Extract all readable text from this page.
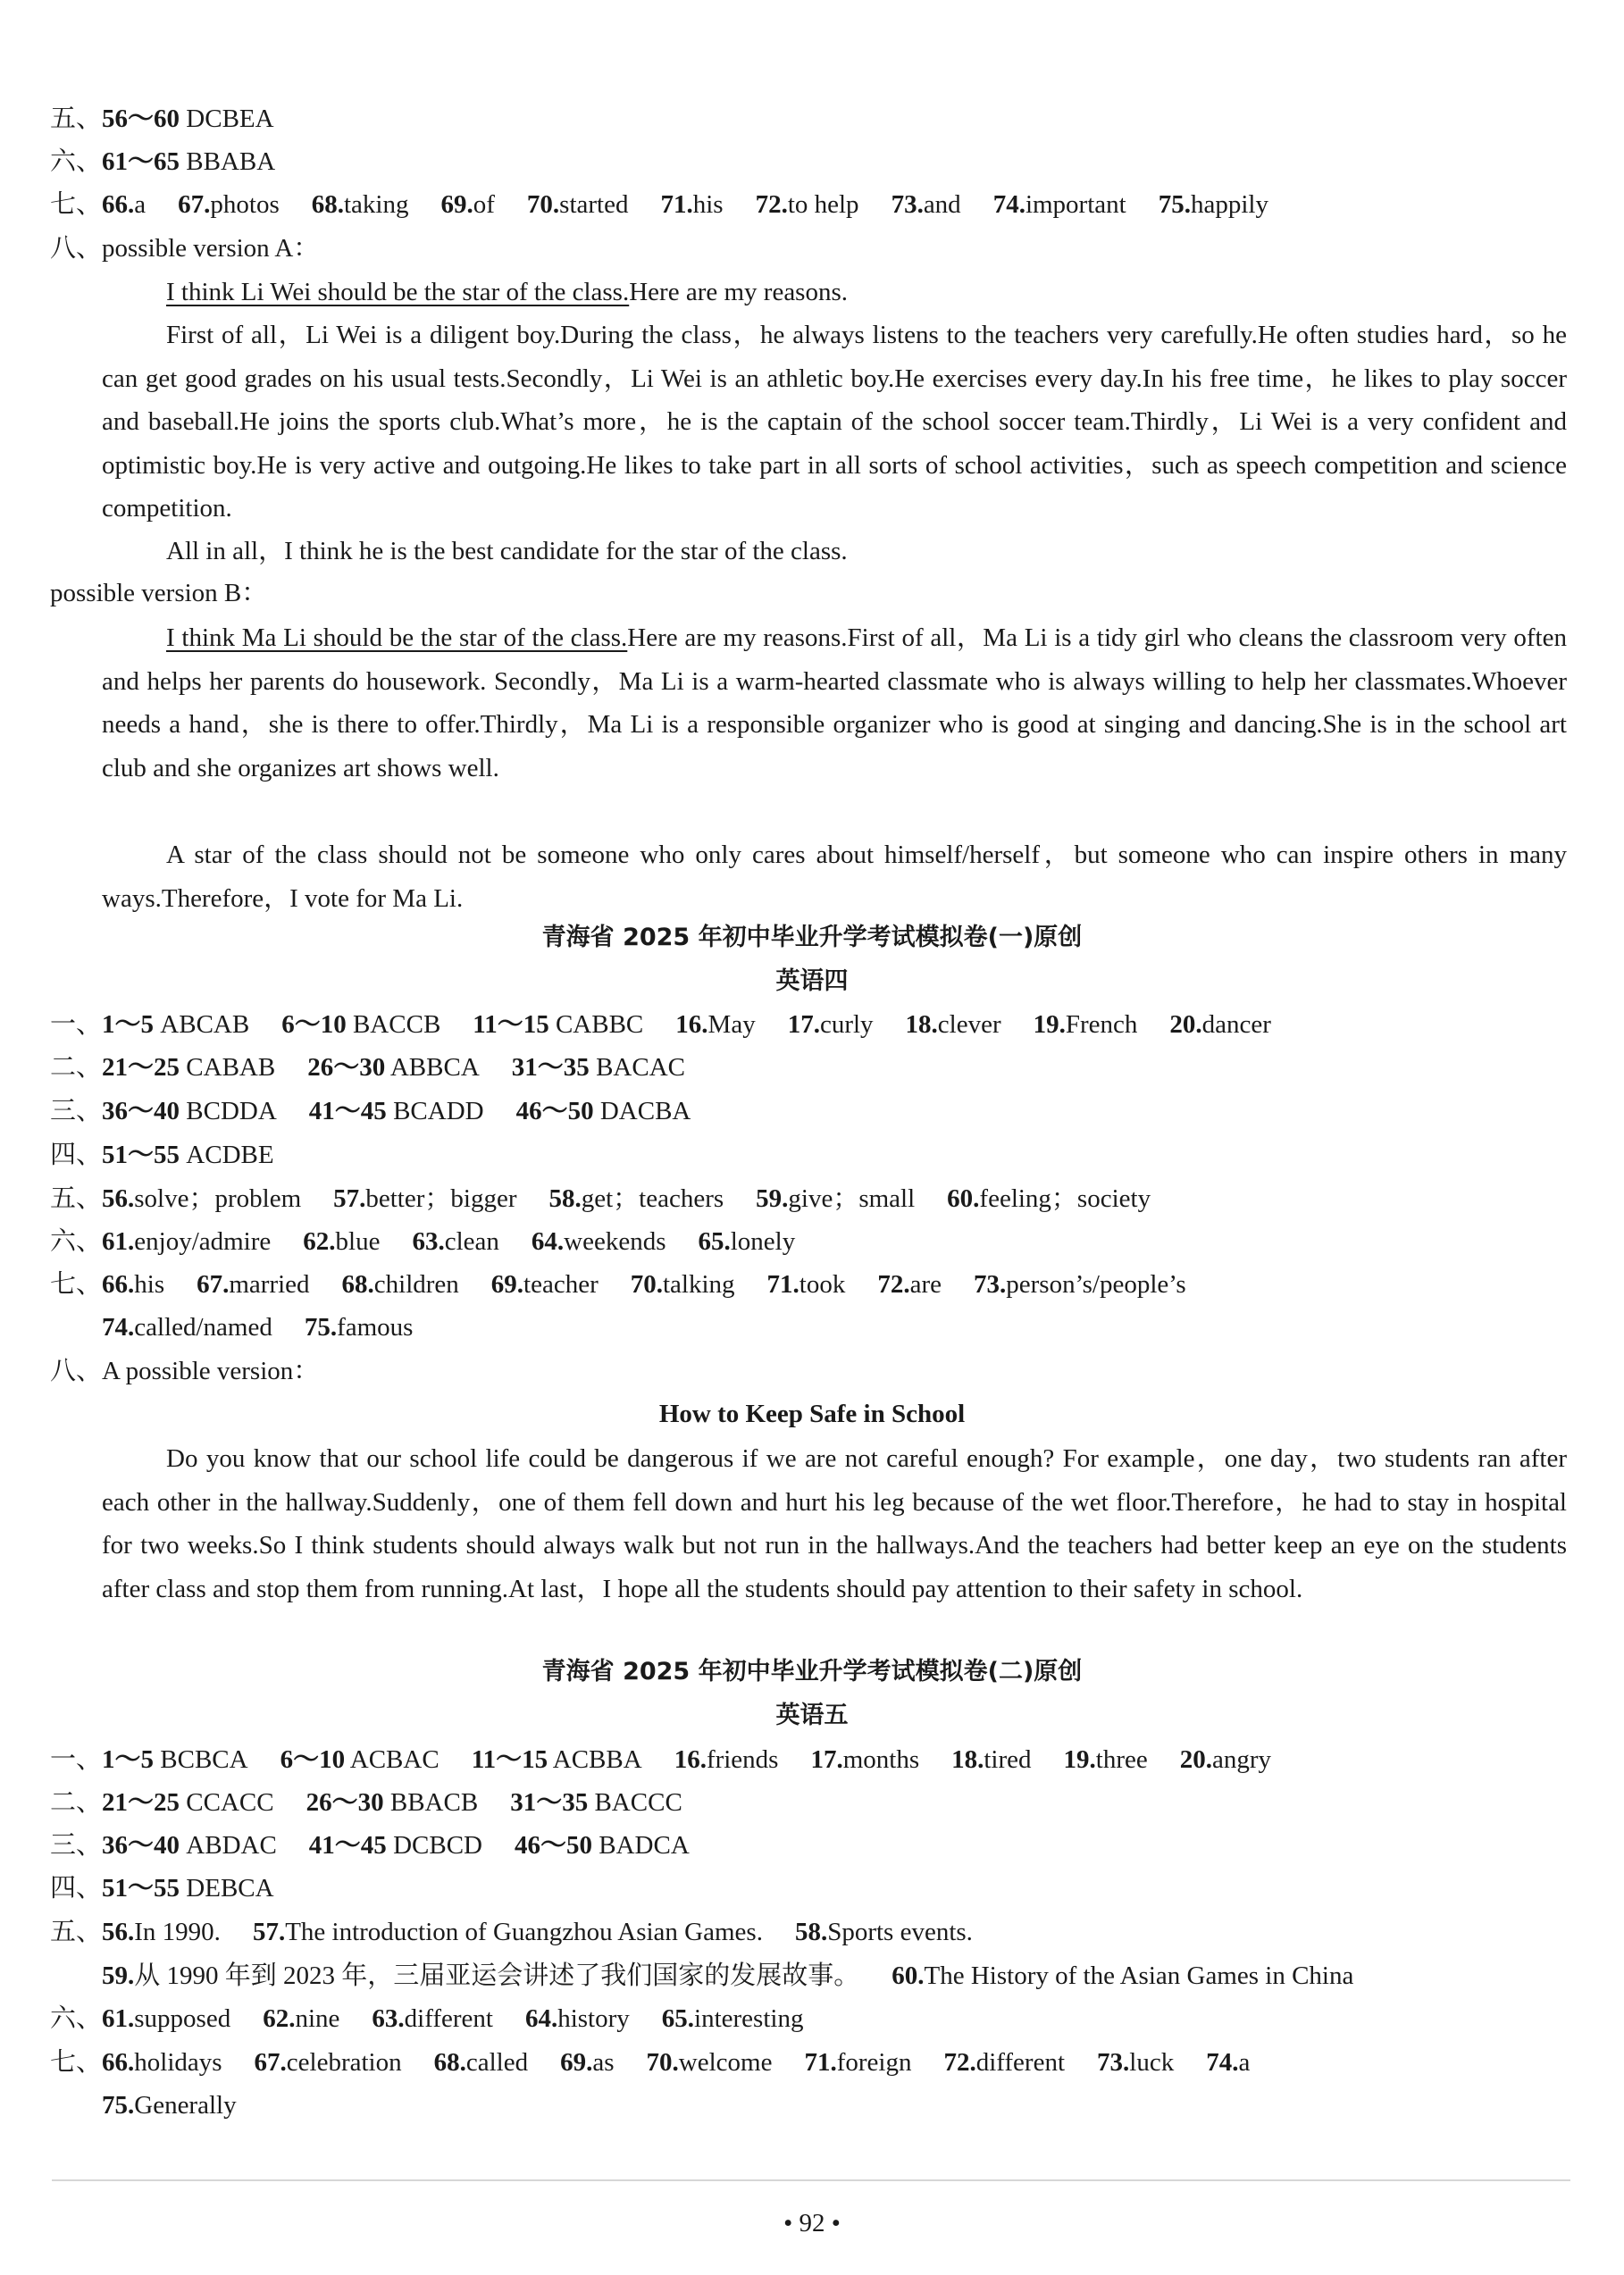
五、56～60 DCBEA
六、61～65 BBABA
七、66.a 67.photos 68.taking 69.of 70.started 71.his 72.to help 73.and 74.important 75.happily
八、possible version A：
I think Li Wei should be the star of the class.Here are my reasons.
First of all，Li Wei is a diligent boy.During the class，he always listens to the teachers very carefully.He often studies hard，so he can get good grades on his usual tests.Secondly，Li Wei is an athletic boy.He exercises every day.In his free time，he likes to play soccer and baseball.He joins the sports club.What’s more，he is the captain of the school soccer team.Thirdly，Li Wei is a very confident and optimistic boy.He is very active and outgoing.He likes to take part in all sorts of school activities，such as speech competition and science competition.
All in all，I think he is the best candidate for the star of the class.
possible version B：
I think Ma Li should be the star of the class.Here are my reasons.First of all，Ma Li is a tidy girl who cleans the classroom very often and helps her parents do housework. Secondly，Ma Li is a warm-hearted classmate who is always willing to help her classmates.Whoever needs a hand，she is there to offer.Thirdly，Ma Li is a responsible organizer who is good at singing and dancing.She is in the school art club and she organizes art shows well.
A star of the class should not be someone who only cares about himself/herself，but someone who can inspire others in many ways.Therefore，I vote for Ma Li.
青海省 2025 年初中毕业升学考试模拟卷(一)原创
英语四
一、1～5 ABCAB 6～10 BACCB 11～15 CABBC 16.May 17.curly 18.clever 19.French 20.dancer
二、21～25 CABAB 26～30 ABBCA 31～35 BACAC
三、36～40 BCDDA 41～45 BCADD 46～50 DACBA
四、51～55 ACDBE
五、56.solve；problem 57.better；bigger 58.get；teachers 59.give；small 60.feeling；society
六、61.enjoy/admire 62.blue 63.clean 64.weekends 65.lonely
七、66.his 67.married 68.children 69.teacher 70.talking 71.took 72.are 73.person’s/people’s
74.called/named 75.famous
八、A possible version：
How to Keep Safe in School
Do you know that our school life could be dangerous if we are not careful enough? For example，one day，two students ran after each other in the hallway.Suddenly，one of them fell down and hurt his leg because of the wet floor.Therefore，he had to stay in hospital for two weeks.So I think students should always walk but not run in the hallways.And the teachers had better keep an eye on the students after class and stop them from running.At last，I hope all the students should pay attention to their safety in school.
青海省 2025 年初中毕业升学考试模拟卷(二)原创
英语五
一、1～5 BCBCA 6～10 ACBAC 11～15 ACBBA 16.friends 17.months 18.tired 19.three 20.angry
二、21～25 CCACC 26～30 BBACB 31～35 BACCC
三、36～40 ABDAC 41～45 DCBCD 46～50 BADCA
四、51～55 DEBCA
五、56.In 1990. 57.The introduction of Guangzhou Asian Games. 58.Sports events.
59.从 1990 年到 2023 年，三届亚运会讲述了我们国家的发展故事。 60.The History of the Asian Games in China
六、61.supposed 62.nine 63.different 64.history 65.interesting
七、66.holidays 67.celebration 68.called 69.as 70.welcome 71.foreign 72.different 73.luck 74.a
75.Generally
• 92 •
